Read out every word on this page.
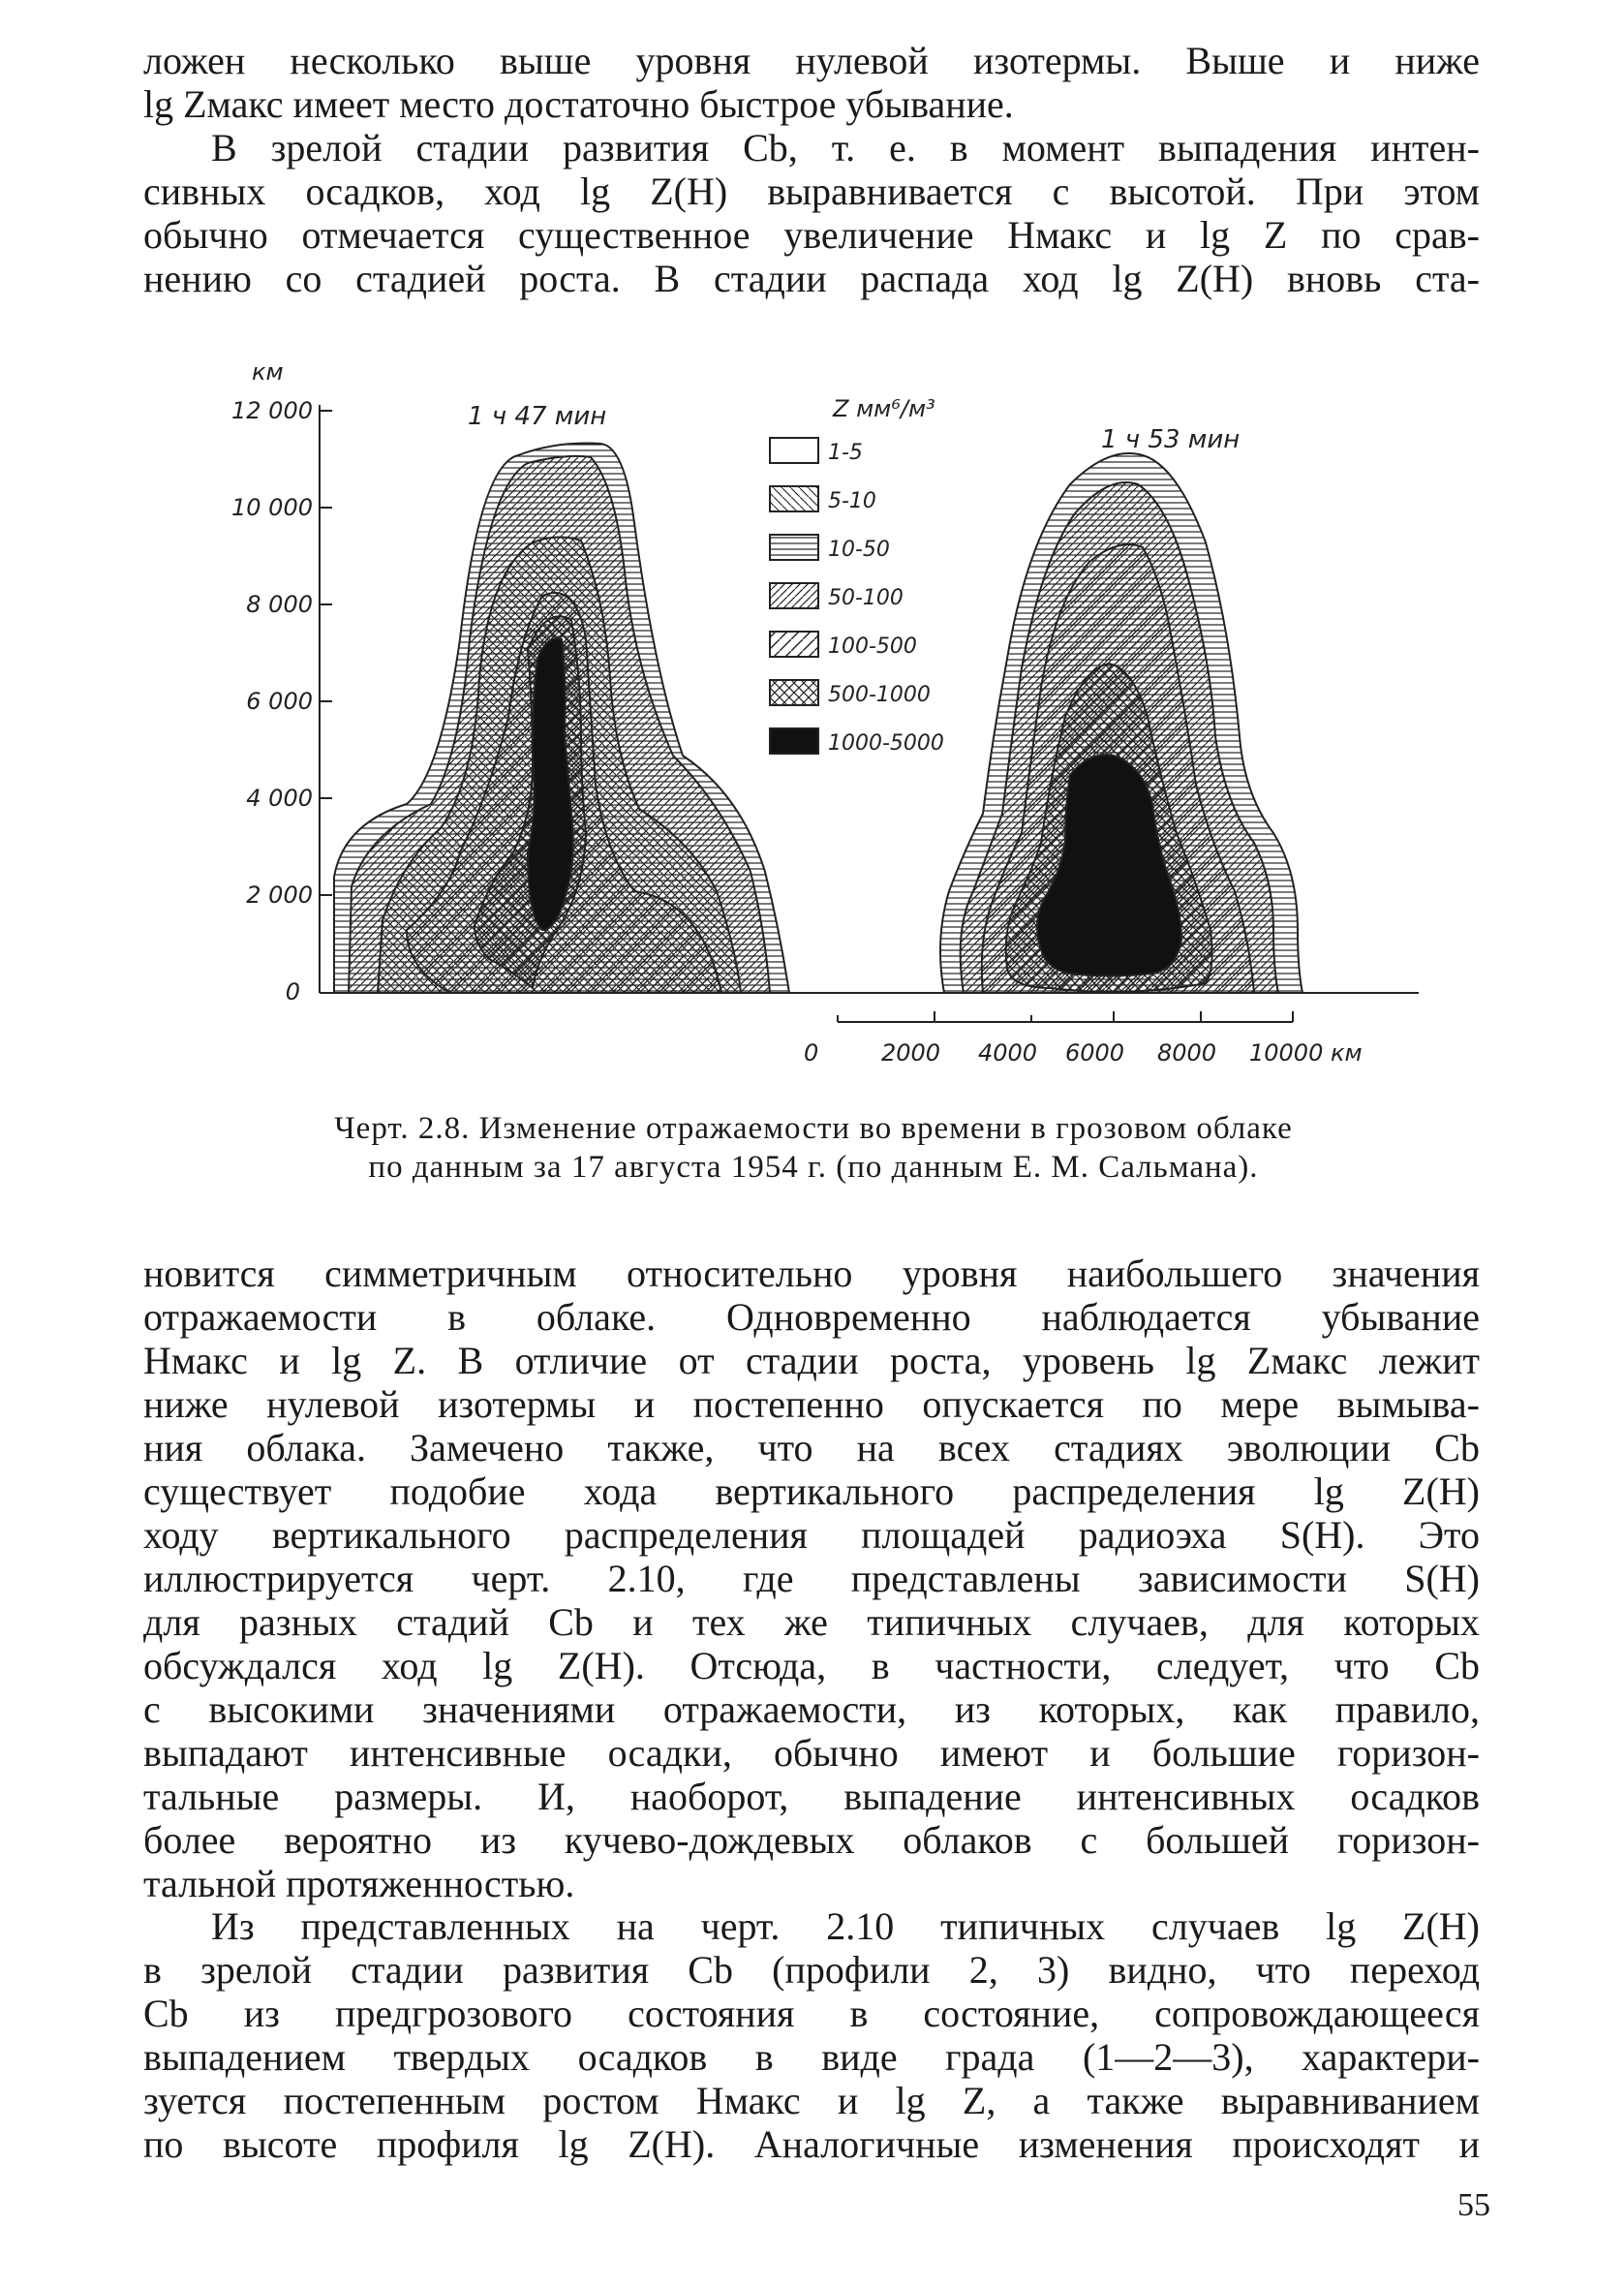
ложен несколько выше уровня нулевой изотермы. Выше и ниже
lg Zмакс имеет место достаточно быстрое убывание.
В зрелой стадии развития Cb, т. е. в момент выпадения интен-
сивных осадков, ход lg Z(H) выравнивается с высотой. При этом
обычно отмечается существенное увеличение Hмакс и lg Z по срав-
нению со стадией роста. В стадии распада ход lg Z(H) вновь ста-
км
12 000
10 000
8 000
6 000
4 000
2 000
0
0	2000 4000 6000 8000 10000 км
1 ч 47 мин
1 ч 53 мин
Z мм⁶/м³
1-5
5-10
10-50
50-100
100-500
500-1000
1000-5000
Черт. 2.8. Изменение отражаемости во времени в грозовом облаке
по данным за 17 августа 1954 г. (по данным Е. М. Сальмана).
новится симметричным относительно уровня наибольшего значения
отражаемости в облаке. Одновременно наблюдается убывание
Hмакс и lg Z. В отличие от стадии роста, уровень lg Zмакс лежит
ниже нулевой изотермы и постепенно опускается по мере вымыва-
ния облака. Замечено также, что на всех стадиях эволюции Cb
существует подобие хода вертикального распределения lg Z(H)
ходу вертикального распределения площадей радиоэха S(H). Это
иллюстрируется черт. 2.10, где представлены зависимости S(H)
для разных стадий Cb и тех же типичных случаев, для которых
обсуждался ход lg Z(H). Отсюда, в частности, следует, что Cb
с высокими значениями отражаемости, из которых, как правило,
выпадают интенсивные осадки, обычно имеют и большие горизон-
тальные размеры. И, наоборот, выпадение интенсивных осадков
более вероятно из кучево-дождевых облаков с большей горизон-
тальной протяженностью.
Из представленных на черт. 2.10 типичных случаев lg Z(H)
в зрелой стадии развития Cb (профили 2, 3) видно, что переход
Cb из предгрозового состояния в состояние, сопровождающееся
выпадением твердых осадков в виде града (1—2—3), характери-
зуется постепенным ростом Hмакс и lg Z, а также выравниванием
по высоте профиля lg Z(H). Аналогичные изменения происходят и
55
